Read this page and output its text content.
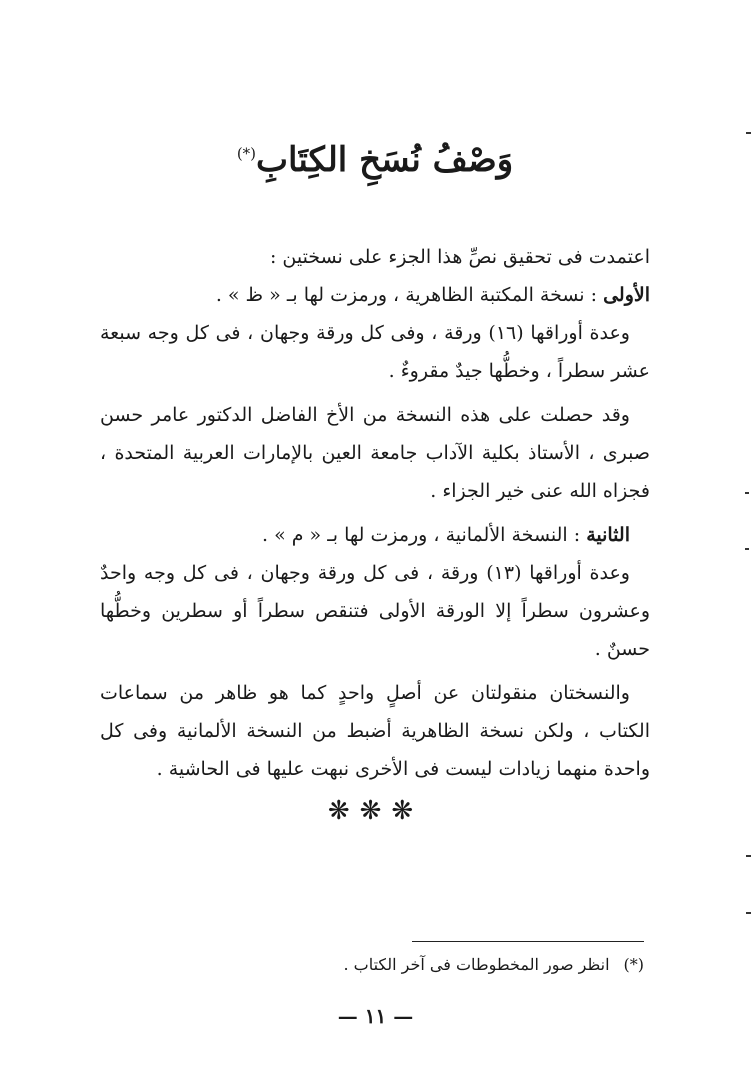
وَصْفُ نُسَخِ الكِتَابِ(*)

اعتمدت فى تحقيق نصِّ هذا الجزء على نسختين :

الأولى : نسخة المكتبة الظاهرية ، ورمزت لها بـ « ظ » .

وعدة أوراقها (١٦) ورقة ، وفى كل ورقة وجهان ، فى كل وجه سبعة عشر سطراً ، وخطُّها جيدٌ مقروءٌ .

وقد حصلت على هذه النسخة من الأخ الفاضل الدكتور عامر حسن صبرى ، الأستاذ بكلية الآداب جامعة العين بالإمارات العربية المتحدة ، فجزاه الله عنى خير الجزاء .

الثانية : النسخة الألمانية ، ورمزت لها بـ « م » .

وعدة أوراقها (١٣) ورقة ، فى كل ورقة وجهان ، فى كل وجه واحدٌ وعشرون سطراً إلا الورقة الأولى فتنقص سطراً أو سطرين وخطُّها حسنٌ .

والنسختان منقولتان عن أصلٍ واحدٍ كما هو ظاهر من سماعات الكتاب ، ولكن نسخة الظاهرية أضبط من النسخة الألمانية وفى كل واحدة منهما زيادات ليست فى الأخرى نبهت عليها فى الحاشية .

❋❋❋
(*)انظر صور المخطوطات فى آخر الكتاب .
— ١١ —
